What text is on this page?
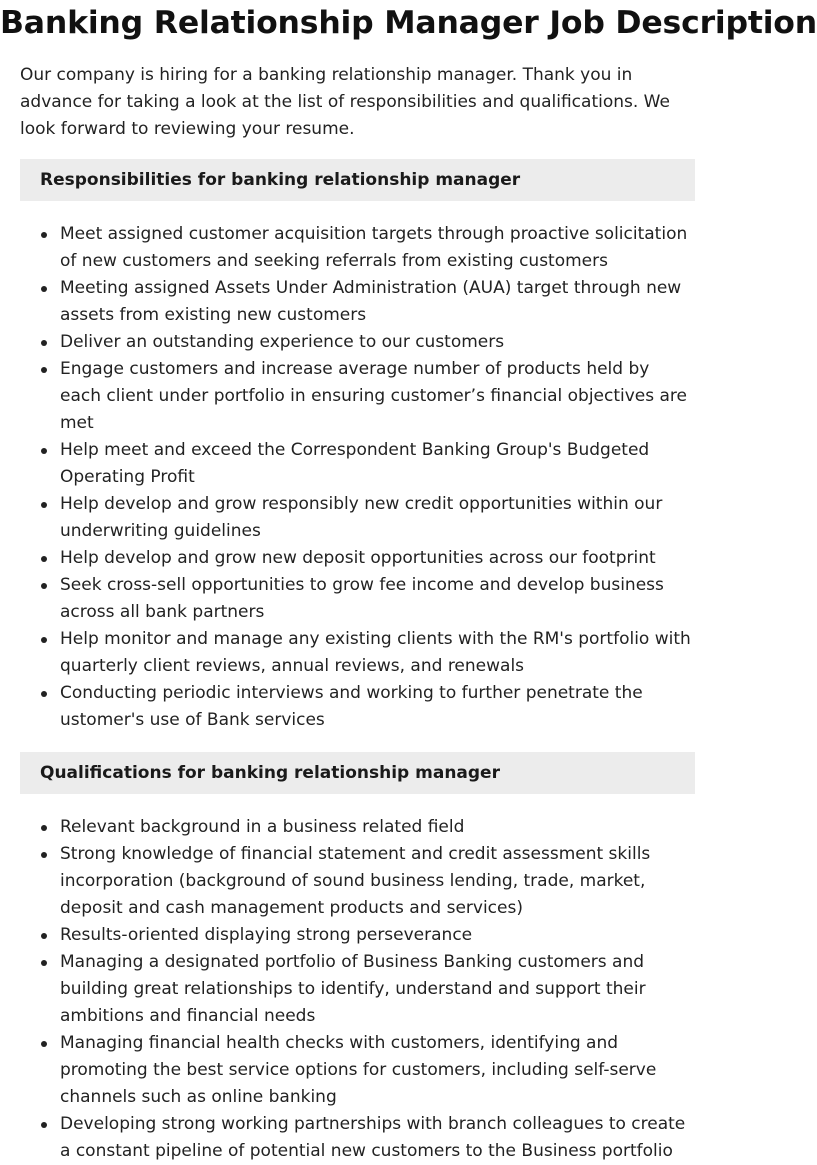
Banking Relationship Manager Job Description

Our company is hiring for a banking relationship manager. Thank you in advance for taking a look at the list of responsibilities and qualifications. We look forward to reviewing your resume.

Responsibilities for banking relationship manager
Meet assigned customer acquisition targets through proactive solicitation of new customers and seeking referrals from existing customers
Meeting assigned Assets Under Administration (AUA) target through new assets from existing new customers
Deliver an outstanding experience to our customers
Engage customers and increase average number of products held by each client under portfolio in ensuring customer’s financial objectives are met
Help meet and exceed the Correspondent Banking Group's Budgeted Operating Profit
Help develop and grow responsibly new credit opportunities within our underwriting guidelines
Help develop and grow new deposit opportunities across our footprint
Seek cross-sell opportunities to grow fee income and develop business across all bank partners
Help monitor and manage any existing clients with the RM's portfolio with quarterly client reviews, annual reviews, and renewals
Conducting periodic interviews and working to further penetrate the ustomer's use of Bank services
Qualifications for banking relationship manager
Relevant background in a business related field
Strong knowledge of financial statement and credit assessment skills incorporation (background of sound business lending, trade, market, deposit and cash management products and services)
Results-oriented displaying strong perseverance
Managing a designated portfolio of Business Banking customers and building great relationships to identify, understand and support their ambitions and financial needs
Managing financial health checks with customers, identifying and promoting the best service options for customers, including self-serve channels such as online banking
Developing strong working partnerships with branch colleagues to create a constant pipeline of potential new customers to the Business portfolio
